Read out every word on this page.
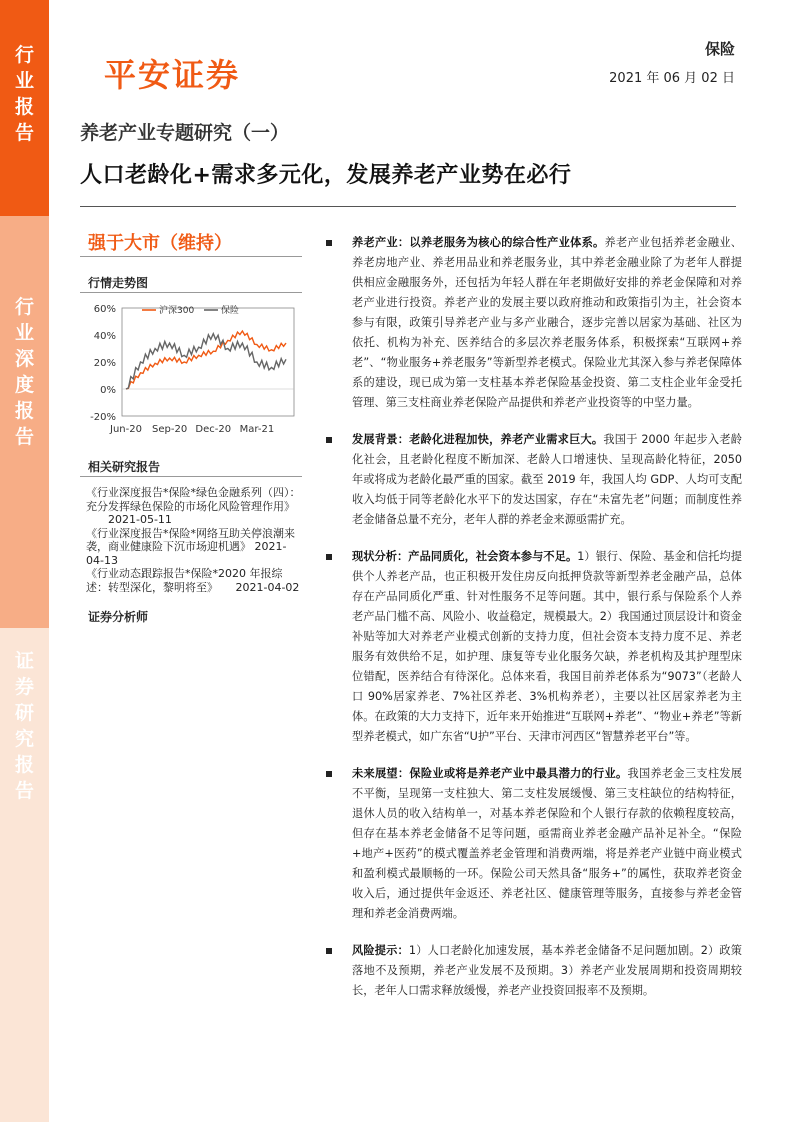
行
业
报
告
行
业
深
度
报
告
证
券
研
究
报
告
平安证券
保险
2021 年 06 月 02 日
养老产业专题研究（一）
人口老龄化+需求多元化，发展养老产业势在必行
强于大市（维持）
行情走势图
-20%
0%
20%
40%
60%
Jun-20 Sep-20 Dec-20 Mar-21
沪深300	保险
相关研究报告
《行业深度报告*保险*绿色金融系列（四）：充分发挥绿色保险的市场化风险管理作用》 2021-05-11
《行业深度报告*保险*网络互助关停浪潮来袭，商业健康险下沉市场迎机遇》 2021-04-13
《行业动态跟踪报告*保险*2020 年报综述：转型深化，黎明将至》 2021-04-02
证券分析师
养老产业：以养老服务为核心的综合性产业体系。养老产业包括养老金融业、养老房地产业、养老用品业和养老服务业，其中养老金融业除了为老年人群提供相应金融服务外，还包括为年轻人群在年老期做好安排的养老金保障和对养老产业进行投资。养老产业的发展主要以政府推动和政策指引为主，社会资本参与有限，政策引导养老产业与多产业融合，逐步完善以居家为基础、社区为依托、机构为补充、医养结合的多层次养老服务体系，积极探索“互联网+养老”、“物业服务+养老服务”等新型养老模式。保险业尤其深入参与养老保障体系的建设，现已成为第一支柱基本养老保险基金投资、第二支柱企业年金受托管理、第三支柱商业养老保险产品提供和养老产业投资等的中坚力量。
发展背景：老龄化进程加快，养老产业需求巨大。我国于 2000 年起步入老龄化社会，且老龄化程度不断加深、老龄人口增速快、呈现高龄化特征，2050 年或将成为老龄化最严重的国家。截至 2019 年，我国人均 GDP、人均可支配收入均低于同等老龄化水平下的发达国家，存在“未富先老”问题；而制度性养老金储备总量不充分，老年人群的养老金来源亟需扩充。
现状分析：产品同质化，社会资本参与不足。1）银行、保险、基金和信托均提供个人养老产品，也正积极开发住房反向抵押贷款等新型养老金融产品，总体存在产品同质化严重、针对性服务不足等问题。其中，银行系与保险系个人养老产品门槛不高、风险小、收益稳定，规模最大。2）我国通过顶层设计和资金补贴等加大对养老产业模式创新的支持力度，但社会资本支持力度不足、养老服务有效供给不足，如护理、康复等专业化服务欠缺，养老机构及其护理型床位错配，医养结合有待深化。总体来看，我国目前养老体系为“9073”（老龄人口 90%居家养老、7%社区养老、3%机构养老），主要以社区居家养老为主体。在政策的大力支持下，近年来开始推进“互联网+养老”、“物业+养老”等新型养老模式，如广东省“U护”平台、天津市河西区“智慧养老平台”等。
未来展望：保险业或将是养老产业中最具潜力的行业。我国养老金三支柱发展不平衡，呈现第一支柱独大、第二支柱发展缓慢、第三支柱缺位的结构特征，退休人员的收入结构单一，对基本养老保险和个人银行存款的依赖程度较高，但存在基本养老金储备不足等问题，亟需商业养老金融产品补足补全。“保险+地产+医药”的模式覆盖养老金管理和消费两端，将是养老产业链中商业模式和盈利模式最顺畅的一环。保险公司天然具备“服务+”的属性，获取养老资金收入后，通过提供年金返还、养老社区、健康管理等服务，直接参与养老金管理和养老金消费两端。
风险提示：1）人口老龄化加速发展，基本养老金储备不足问题加剧。2）政策落地不及预期，养老产业发展不及预期。3）养老产业发展周期和投资周期较长，老年人口需求释放缓慢，养老产业投资回报率不及预期。
